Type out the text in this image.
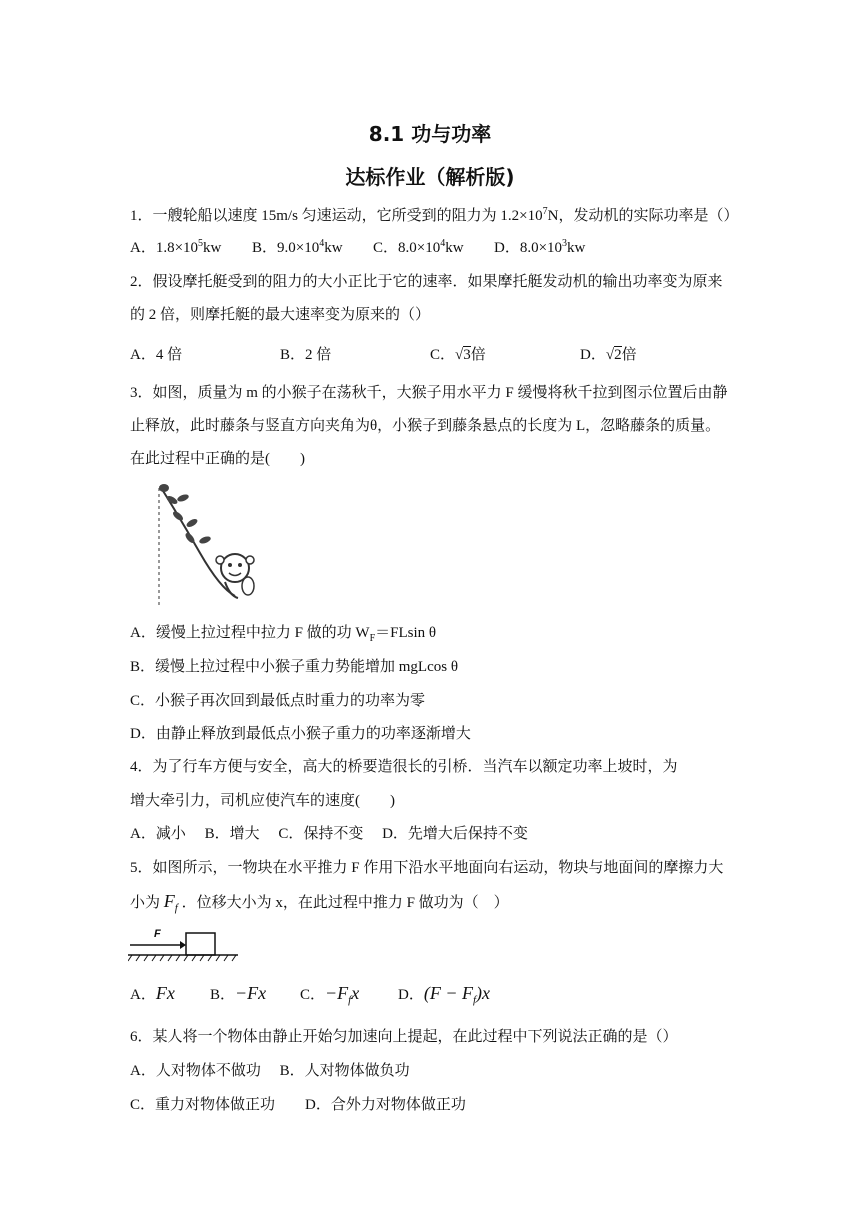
8.1 功与功率
达标作业（解析版)
1．一艘轮船以速度 15m/s 匀速运动，它所受到的阻力为 $1.2\times 10^7N$，发动机的实际功率是（）
A．$1.8\times 10^5kw$ B．$9.0\times 10^4kw$ C．$8.0\times 10^4kw$ D．$8.0\times 10^3kw$
2．假设摩托艇受到的阻力的大小正比于它的速率．如果摩托艇发动机的输出功率变为原来
的 2 倍，则摩托艇的最大速率变为原来的（）
A．4 倍	B．2 倍	C．√3倍	D．√2倍
3．如图，质量为 m 的小猴子在荡秋千，大猴子用水平力 F 缓慢将秋千拉到图示位置后由静
止释放，此时藤条与竖直方向夹角为θ，小猴子到藤条悬点的长度为 L，忽略藤条的质量。
在此过程中正确的是(　　)
A．缓慢上拉过程中拉力 F 做的功 $W_F=FLsin$ θ
B．缓慢上拉过程中小猴子重力势能增加 mgLcos θ
C．小猴子再次回到最低点时重力的功率为零
D．由静止释放到最低点小猴子重力的功率逐渐增大
4．为了行车方便与安全，高大的桥要造很长的引桥．当汽车以额定功率上坡时，为
增大牵引力，司机应使汽车的速度(　　)
A．减小　 B．增大　 C．保持不变　 D．先增大后保持不变
5．如图所示，一物块在水平推力 F 作用下沿水平地面向右运动，物块与地面间的摩擦力大
小为 $F_f$ ．位移大小为 x，在此过程中推力 F 做功为（　）
F
A．Fx B．−Fx C．$-F_fx$	D．$(F - F_f)x$
6．某人将一个物体由静止开始匀加速向上提起，在此过程中下列说法正确的是（）
A．人对物体不做功　 B．人对物体做负功
C．重力对物体做正功　　D．合外力对物体做正功
